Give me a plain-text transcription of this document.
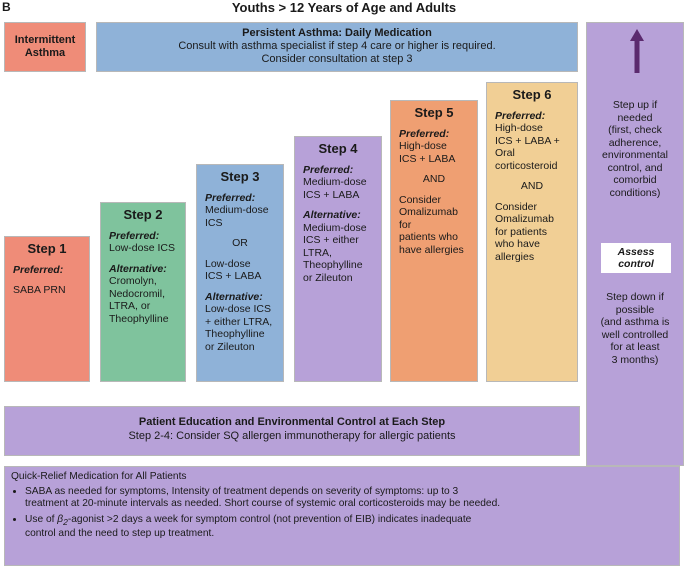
B	Youths > 12 Years of Age and Adults
Intermittent
Asthma
Persistent Asthma: Daily Medication
Consult with asthma specialist if step 4 care or higher is required.
Consider consultation at step 3
Step 1

Preferred:

SABA PRN

Step 2

Preferred:

Low-dose ICS

Alternative:

Cromolyn,

Nedocromil,

LTRA, or

Theophylline

Step 3

Preferred:

Medium-dose

ICS

OR

Low-dose

ICS + LABA

Alternative:

Low-dose ICS

+ either LTRA,

Theophylline

or Zileuton

Step 4

Preferred:

Medium-dose

ICS + LABA

Alternative:

Medium-dose

ICS + either

LTRA,

Theophylline

or Zileuton

Step 5

Preferred:

High-dose

ICS + LABA

AND

Consider

Omalizumab for

patients who

have allergies

Step 6

Preferred:

High-dose

ICS + LABA +

Oral

corticosteroid

AND

Consider

Omalizumab

for patients

who have

allergies

Step up if
needed
(first, check
adherence,
environmental
control, and
comorbid
conditions)
Assess
control
Step down if
possible
(and asthma is
well controlled
for at least
3 months)
Patient Education and Environmental Control at Each Step
Step 2-4: Consider SQ allergen immunotherapy for allergic patients
Quick-Relief Medication for All Patients
• SABA as needed for symptoms, Intensity of treatment depends on severity of symptoms: up to 3
treatment at 20-minute intervals as needed. Short course of systemic oral corticosteroids may be needed.
• Use of $\beta_2$-agonist >2 days a week for symptom control (not prevention of EIB) indicates inadequate
control and the need to step up treatment.
